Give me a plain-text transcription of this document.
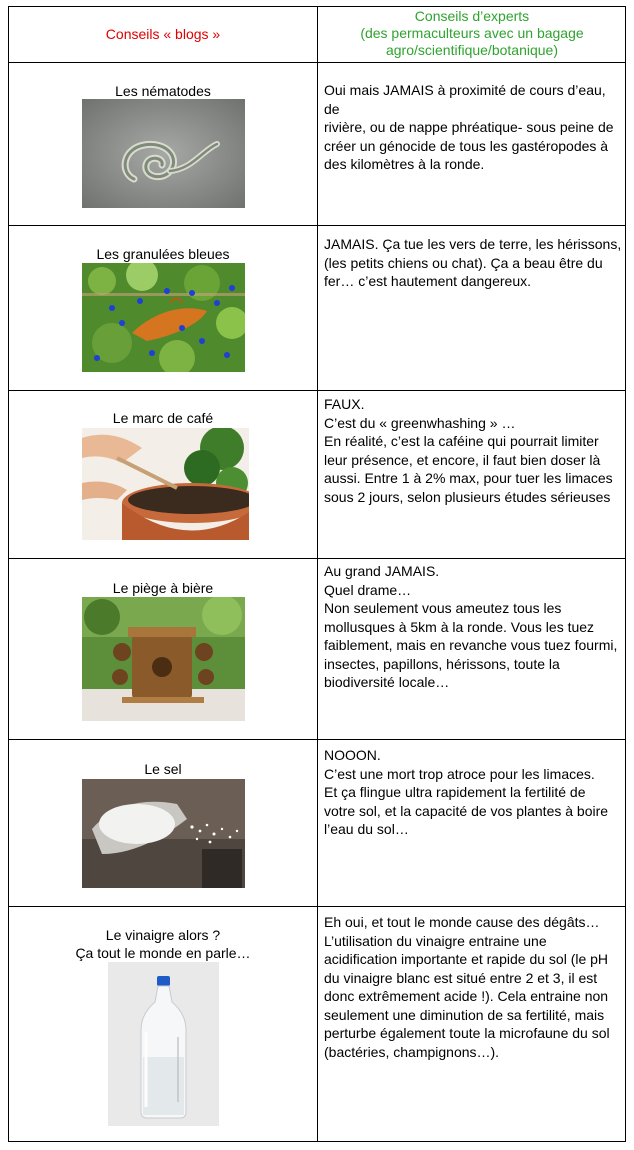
Conseils « blogs »
Conseils d’experts
(des permaculteurs avec un bagage
agro/scientifique/botanique)
Les nématodes	Oui mais JAMAIS à proximité de cours d’eau, de
rivière, ou de nappe phréatique- sous peine de
créer un génocide de tous les gastéropodes à
des kilomètres à la ronde.
Les granulées bleues
JAMAIS. Ça tue les vers de terre, les hérissons,
(les petits chiens ou chat). Ça a beau être du
fer… c’est hautement dangereux.
Le marc de café
FAUX.
C’est du « greenwhashing » …
En réalité, c’est la caféine qui pourrait limiter
leur présence, et encore, il faut bien doser là
aussi. Entre 1 à 2% max, pour tuer les limaces
sous 2 jours, selon plusieurs études sérieuses
Le piège à bière
Au grand JAMAIS.
Quel drame…
Non seulement vous ameutez tous les
mollusques à 5km à la ronde. Vous les tuez
faiblement, mais en revanche vous tuez fourmi,
insectes, papillons, hérissons, toute la
biodiversité locale…
Le sel
NOOON.
C’est une mort trop atroce pour les limaces.
Et ça flingue ultra rapidement la fertilité de
votre sol, et la capacité de vos plantes à boire
l’eau du sol…
Le vinaigre alors ?
Ça tout le monde en parle…
Eh oui, et tout le monde cause des dégâts…
L’utilisation du vinaigre entraine une
acidification importante et rapide du sol (le pH
du vinaigre blanc est situé entre 2 et 3, il est
donc extrêmement acide !). Cela entraine non
seulement une diminution de sa fertilité, mais
perturbe également toute la microfaune du sol
(bactéries, champignons…).
